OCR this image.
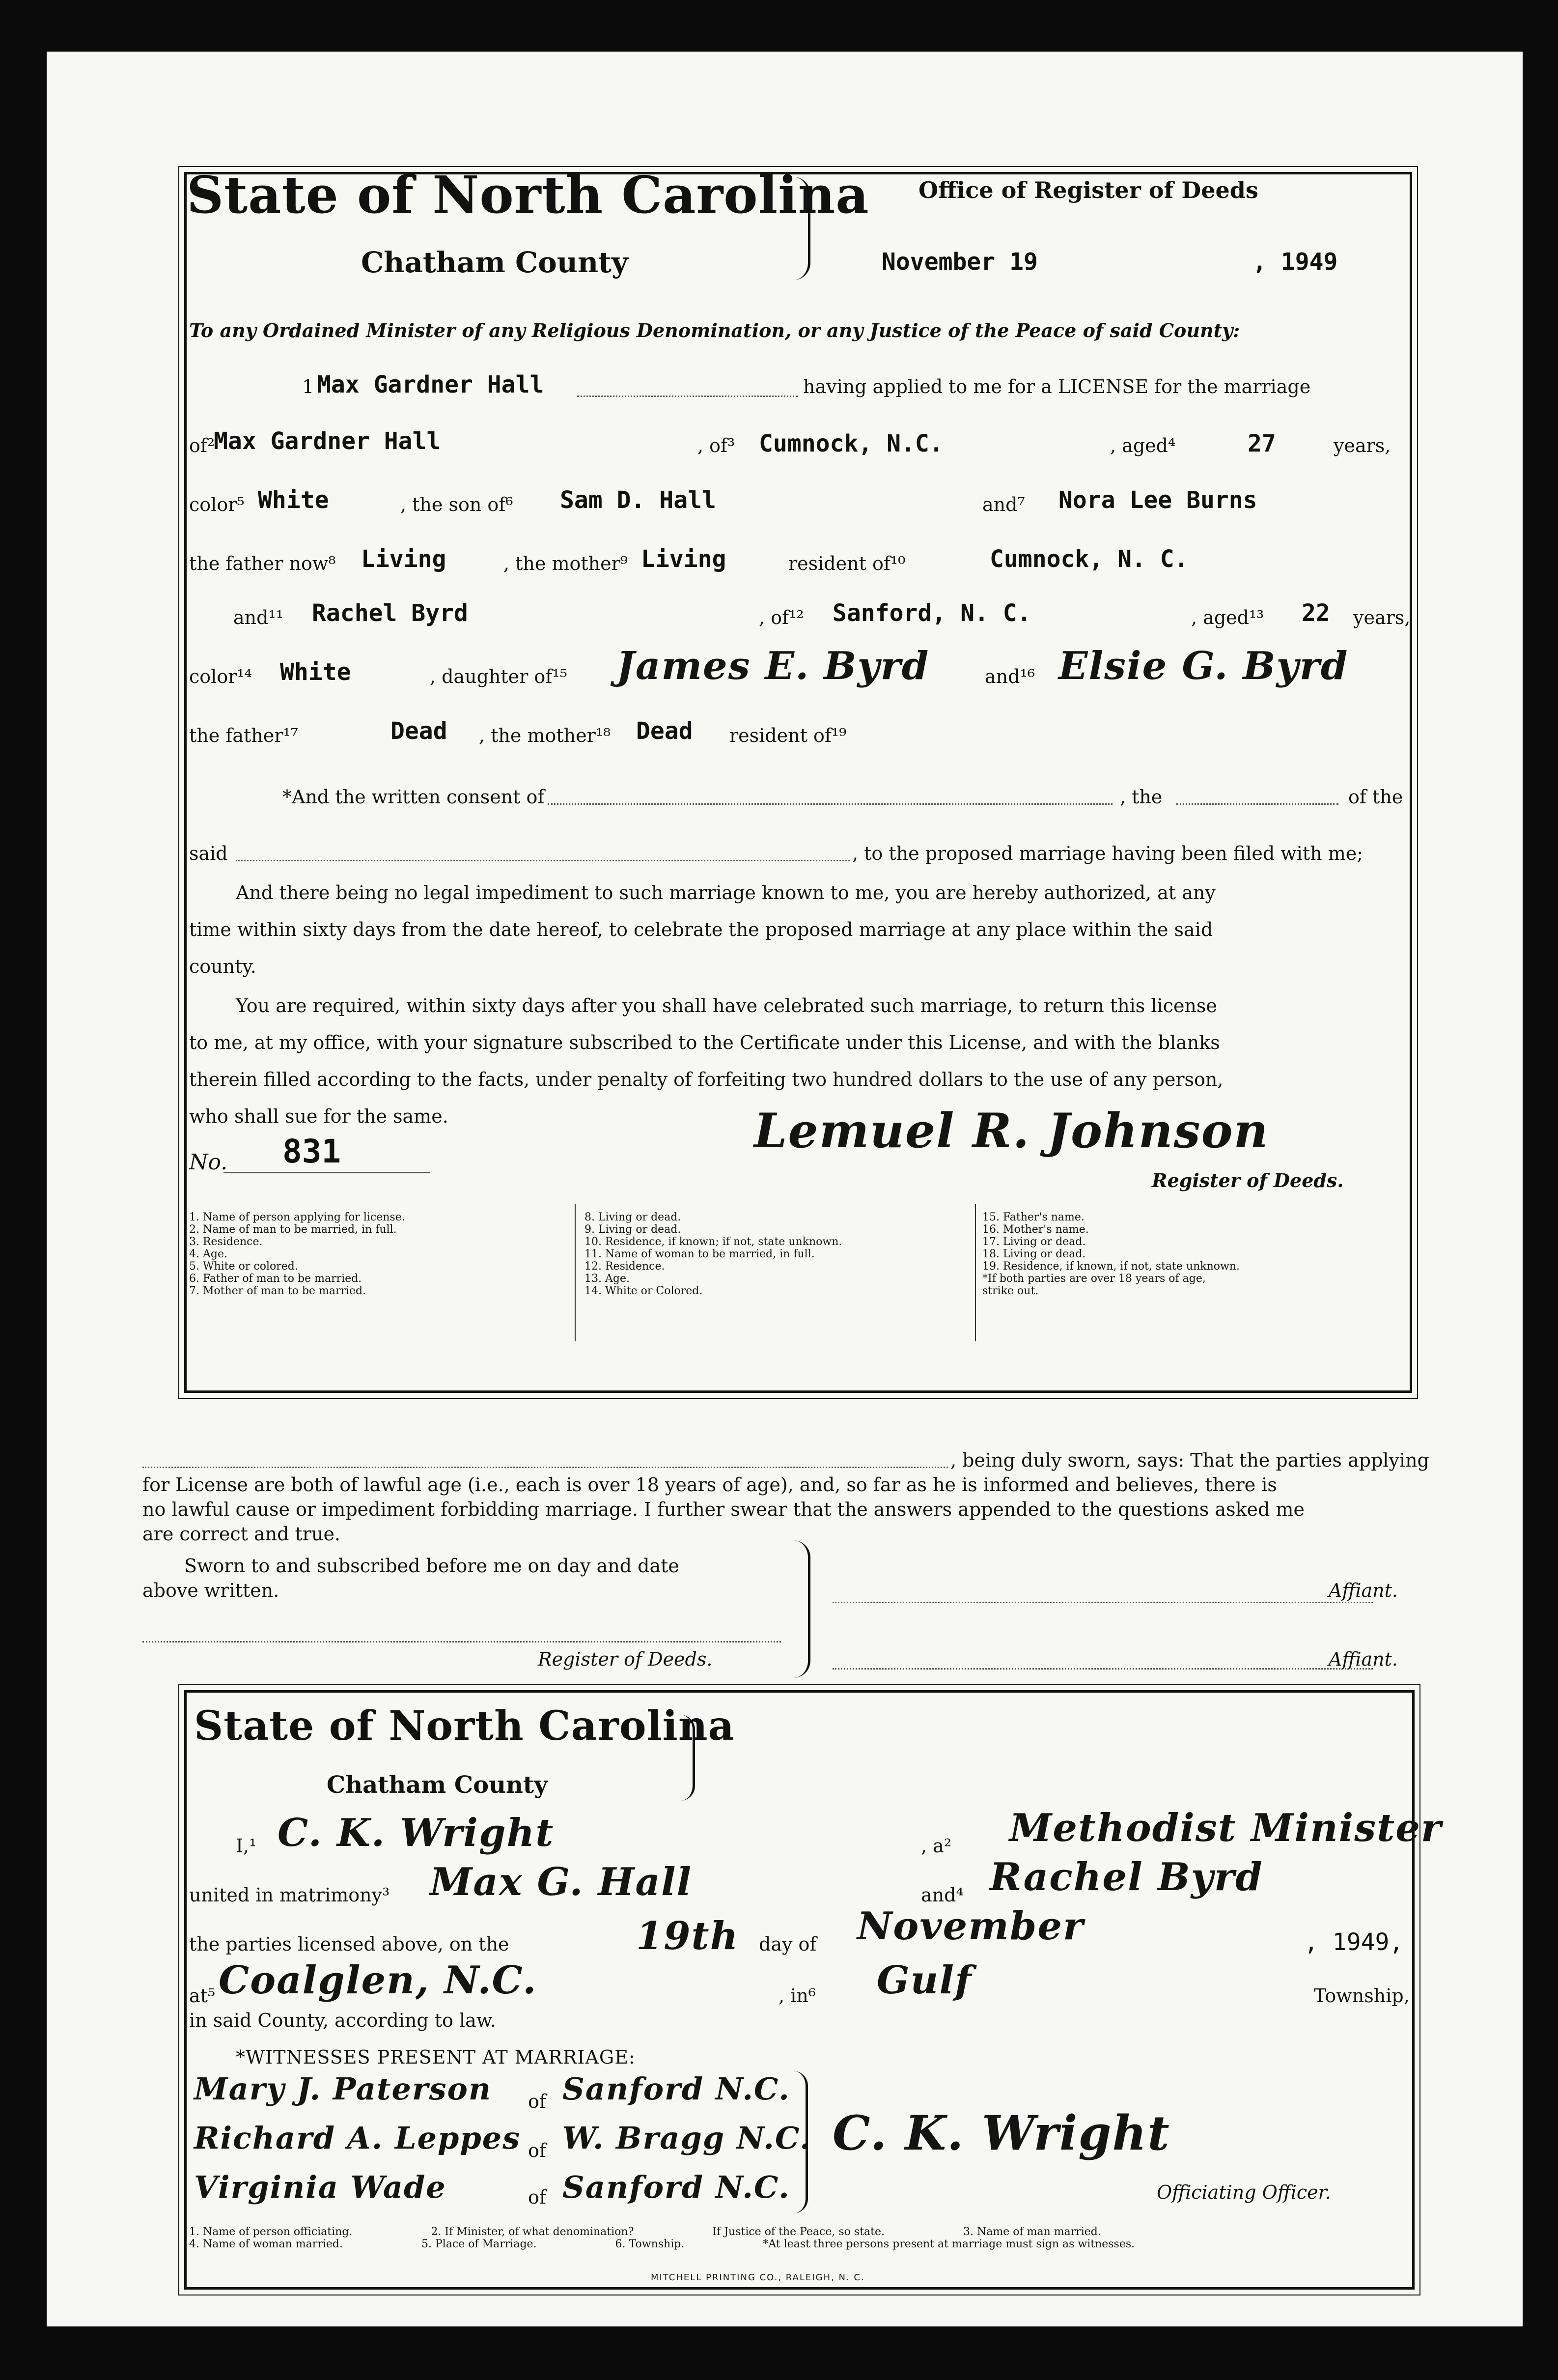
State of North Carolina
Chatham County
Office of Register of Deeds
November 19	, 1949
To any Ordained Minister of any Religious Denomination, or any Justice of the Peace of said County:
1 Max Gardner Hall	having applied to me for a LICENSE for the marriage
of²
Max Gardner Hall	, of³ Cumnock, N.C.	, aged⁴	27	years,
color⁵ White	, the son of⁶ Sam D. Hall	and⁷ Nora Lee Burns
the father now⁸ Living	, the mother⁹ Living	resident of¹⁰	Cumnock, N. C.
and¹¹ Rachel Byrd	, of¹² Sanford, N. C.	, aged¹³ 22 years,
color¹⁴ White	, daughter of¹⁵ James E. Byrd	and¹⁶ Elsie G. Byrd
the father¹⁷	Dead , the mother¹⁸ Dead resident of¹⁹
*And the written consent of	, the	of the
said	, to the proposed marriage having been filed with me;
And there being no legal impediment to such marriage known to me, you are hereby authorized, at any
time within sixty days from the date hereof, to celebrate the proposed marriage at any place within the said
county.
You are required, within sixty days after you shall have celebrated such marriage, to return this license
to me, at my office, with your signature subscribed to the Certificate under this License, and with the blanks
therein filled according to the facts, under penalty of forfeiting two hundred dollars to the use of any person,
who shall sue for the same.
No. 831	Lemuel R. Johnson
Register of Deeds.
1. Name of person applying for license.
2. Name of man to be married, in full.
3. Residence.
4. Age.
5. White or colored.
6. Father of man to be married.
7. Mother of man to be married.
8. Living or dead.
9. Living or dead.
10. Residence, if known; if not, state unknown.
11. Name of woman to be married, in full.
12. Residence.
13. Age.
14. White or Colored.
15. Father's name.
16. Mother's name.
17. Living or dead.
18. Living or dead.
19. Residence, if known, if not, state unknown.
*If both parties are over 18 years of age,
strike out.
, being duly sworn, says: That the parties applying
for License are both of lawful age (i.e., each is over 18 years of age), and, so far as he is informed and believes, there is
no lawful cause or impediment forbidding marriage. I further swear that the answers appended to the questions asked me
are correct and true.
Sworn to and subscribed before me on day and date
above written.	Affiant.
Register of Deeds.	Affiant.
State of North Carolina
Chatham County
I,¹ C. K. Wright	, a² Methodist Minister
united in matrimony³ Max G. Hall	and⁴ Rachel Byrd
the parties licensed above, on the	19th day of November	, 1949,
at⁵ Coalglen, N.C.	, in⁶ Gulf	Township,
in said County, according to law.
*WITNESSES PRESENT AT MARRIAGE:
Mary J. Paterson of Sanford N.C.
Richard A. Leppes of W. Bragg N.C.
Virginia Wade	of Sanford N.C.
C. K. Wright
Officiating Officer.
1. Name of person officiating.	2. If Minister, of what denomination?	If Justice of the Peace, so state.	3. Name of man married.
4. Name of woman married.	5. Place of Marriage.	6. Township.	*At least three persons present at marriage must sign as witnesses.
MITCHELL PRINTING CO., RALEIGH, N. C.
